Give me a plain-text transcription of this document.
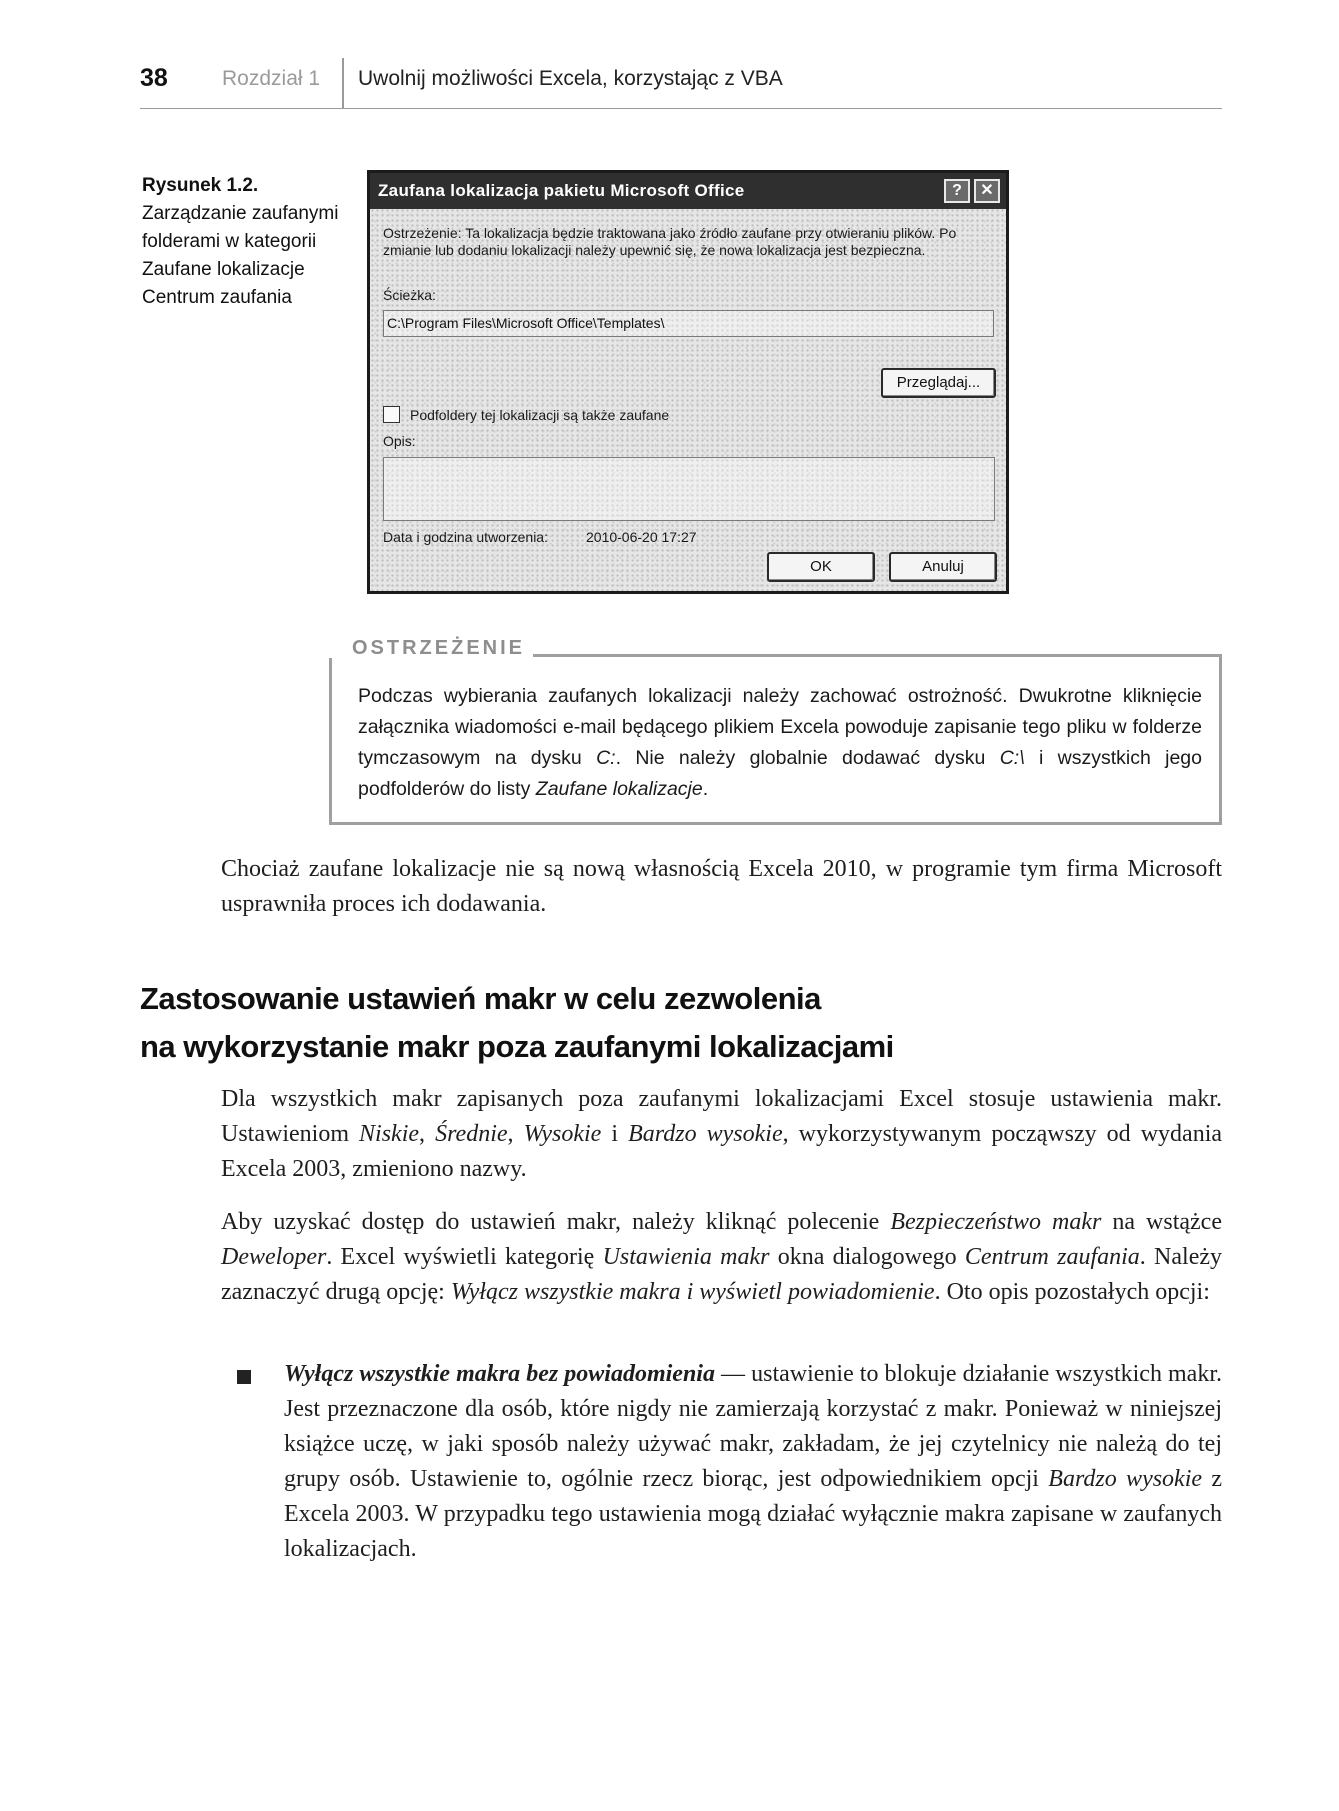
38	Rozdział 1 Uwolnij możliwości Excela, korzystając z VBA
Rysunek 1.2.
Zarządzanie zaufanymi folderami w kategorii Zaufane lokalizacje Centrum zaufania
Zaufana lokalizacja pakietu Microsoft Office	?	✕
Ostrzeżenie: Ta lokalizacja będzie traktowana jako źródło zaufane przy otwieraniu plików. Po zmianie lub dodaniu lokalizacji należy upewnić się, że nowa lokalizacja jest bezpieczna.
Ścieżka:
C:\Program Files\Microsoft Office\Templates\
Przeglądaj...
Podfoldery tej lokalizacji są także zaufane
Opis:
Data i godzina utworzenia:	2010-06-20 17:27
OK	Anuluj
OSTRZEŻENIE
Podczas wybierania zaufanych lokalizacji należy zachować ostrożność. Dwukrotne kliknięcie załącznika wiadomości e-mail będącego plikiem Excela powoduje zapisanie tego pliku w folderze tymczasowym na dysku C:. Nie należy globalnie dodawać dysku C:\ i wszystkich jego podfolderów do listy Zaufane lokalizacje.
Chociaż zaufane lokalizacje nie są nową własnością Excela 2010, w programie tym firma Microsoft usprawniła proces ich dodawania.
Zastosowanie ustawień makr w celu zezwolenia
na wykorzystanie makr poza zaufanymi lokalizacjami
Dla wszystkich makr zapisanych poza zaufanymi lokalizacjami Excel stosuje ustawienia makr. Ustawieniom Niskie, Średnie, Wysokie i Bardzo wysokie, wykorzystywanym począwszy od wydania Excela 2003, zmieniono nazwy.
Aby uzyskać dostęp do ustawień makr, należy kliknąć polecenie Bezpieczeństwo makr na wstążce Deweloper. Excel wyświetli kategorię Ustawienia makr okna dialogowego Centrum zaufania. Należy zaznaczyć drugą opcję: Wyłącz wszystkie makra i wyświetl powiadomienie. Oto opis pozostałych opcji:
Wyłącz wszystkie makra bez powiadomienia — ustawienie to blokuje działanie wszystkich makr. Jest przeznaczone dla osób, które nigdy nie zamierzają korzystać z makr. Ponieważ w niniejszej książce uczę, w jaki sposób należy używać makr, zakładam, że jej czytelnicy nie należą do tej grupy osób. Ustawienie to, ogólnie rzecz biorąc, jest odpowiednikiem opcji Bardzo wysokie z Excela 2003. W przypadku tego ustawienia mogą działać wyłącznie makra zapisane w zaufanych lokalizacjach.
